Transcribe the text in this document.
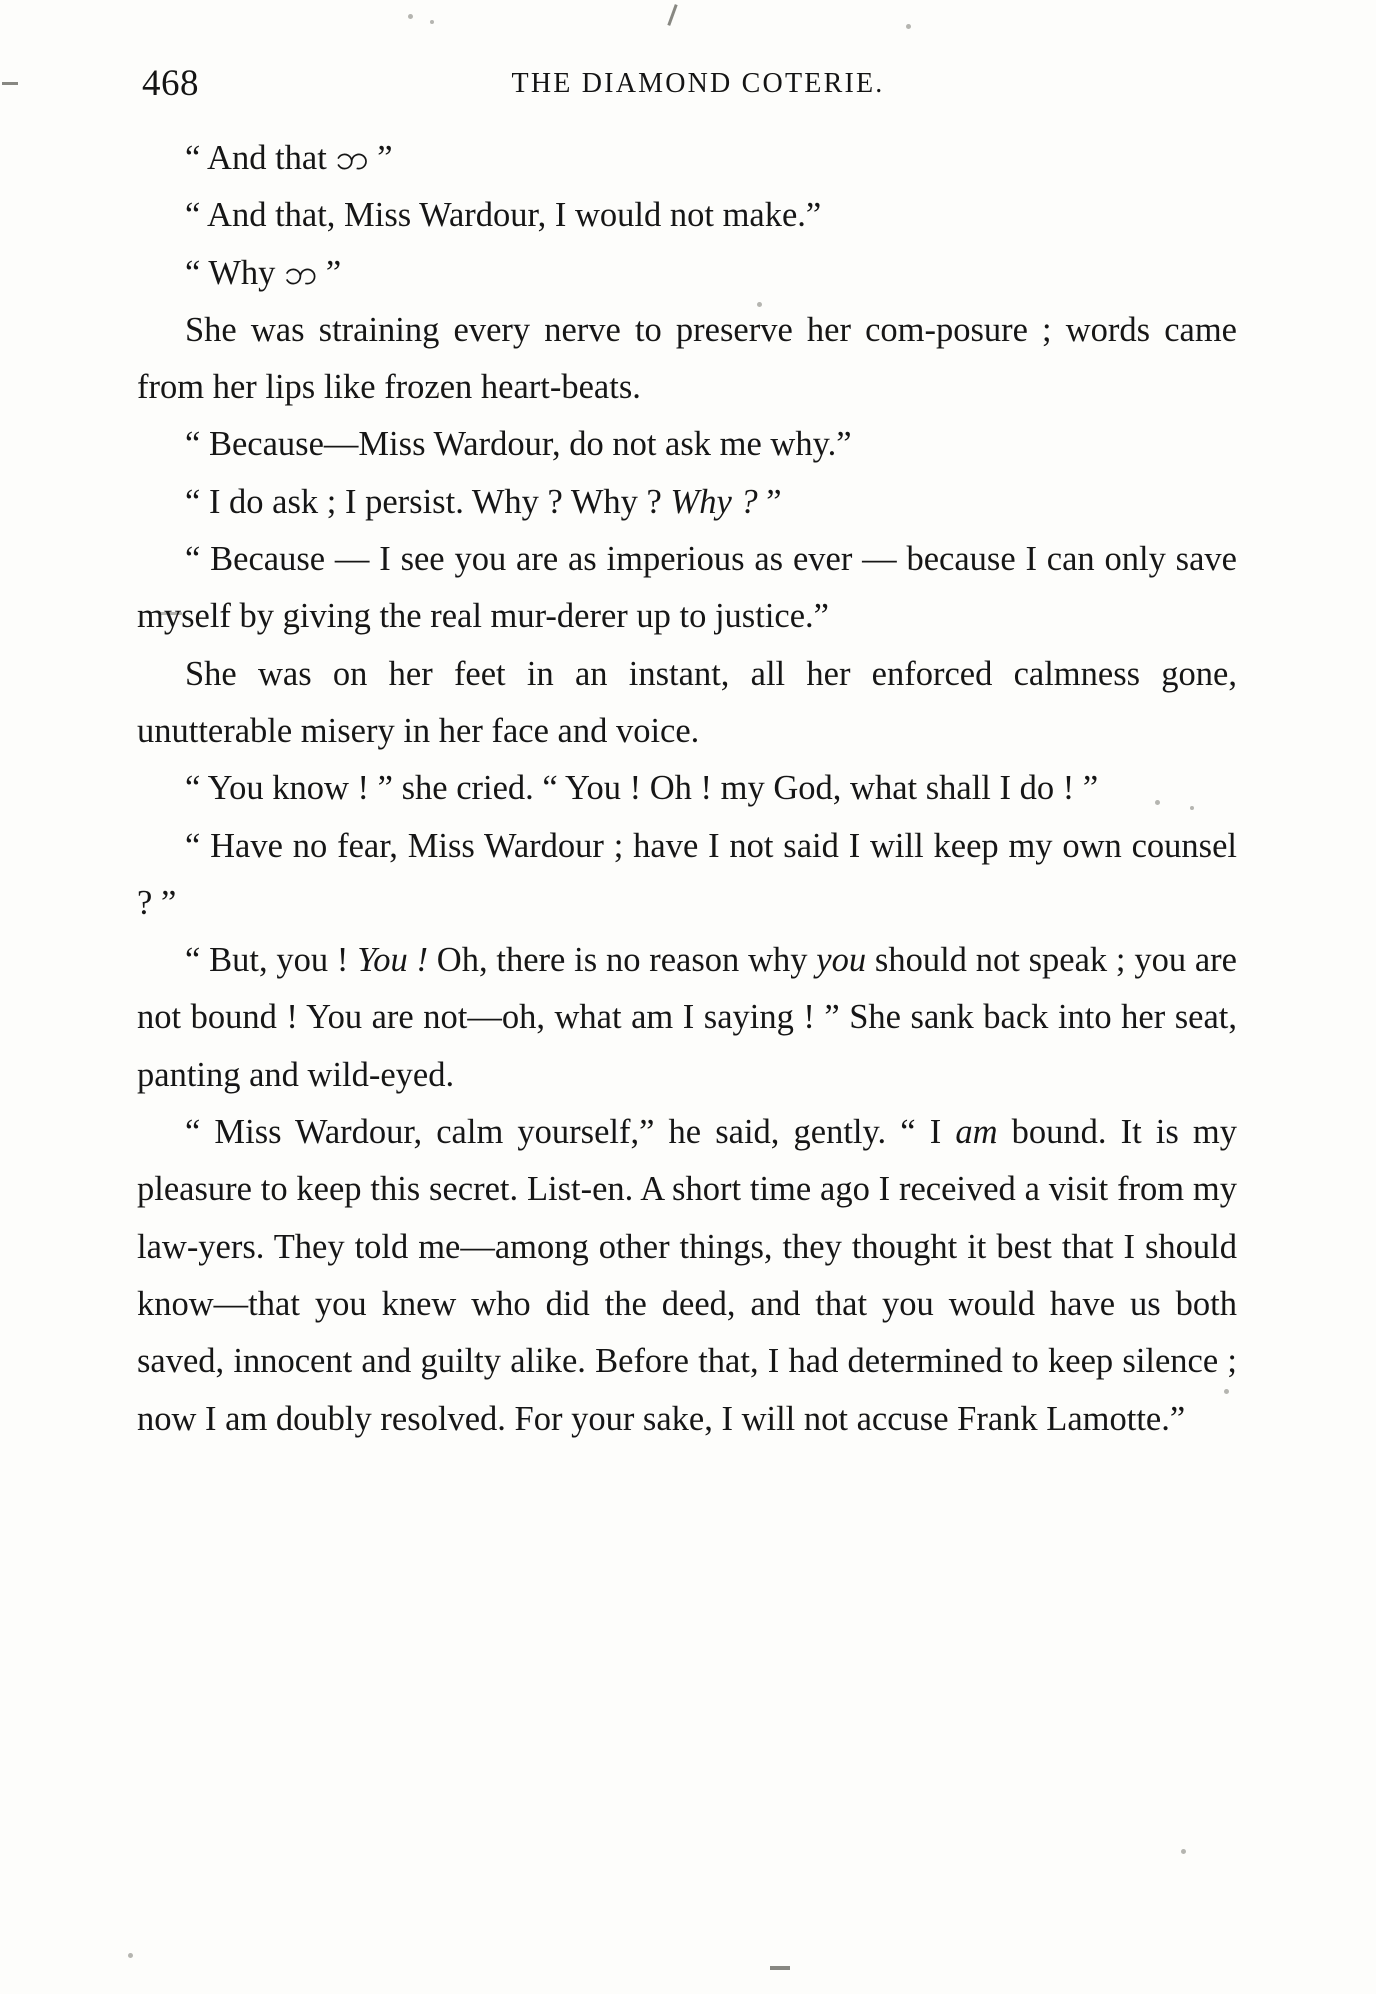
468	THE DIAMOND COTERIE.

“ And that ဘ ”

“ And that, Miss Wardour, I would not make.”

“ Why ဘ ”

She was straining every nerve to preserve her com-posure ; words came from her lips like frozen heart-beats.

“ Because—Miss Wardour, do not ask me why.”

“ I do ask ; I persist. Why ? Why ? Why ? ”

“ Because — I see you are as imperious as ever — because I can only save myself by giving the real mur-derer up to justice.”

She was on her feet in an instant, all her enforced calmness gone, unutterable misery in her face and voice.

“ You know ! ” she cried. “ You ! Oh ! my God, what shall I do ! ”

“ Have no fear, Miss Wardour ; have I not said I will keep my own counsel ? ”

“ But, you ! You ! Oh, there is no reason why you should not speak ; you are not bound ! You are not—oh, what am I saying ! ” She sank back into her seat, panting and wild-eyed.

“ Miss Wardour, calm yourself,” he said, gently. “ I am bound. It is my pleasure to keep this secret. List-en. A short time ago I received a visit from my law-yers. They told me—among other things, they thought it best that I should know—that you knew who did the deed, and that you would have us both saved, innocent and guilty alike. Before that, I had determined to keep silence ; now I am doubly resolved. For your sake, I will not accuse Frank Lamotte.”
